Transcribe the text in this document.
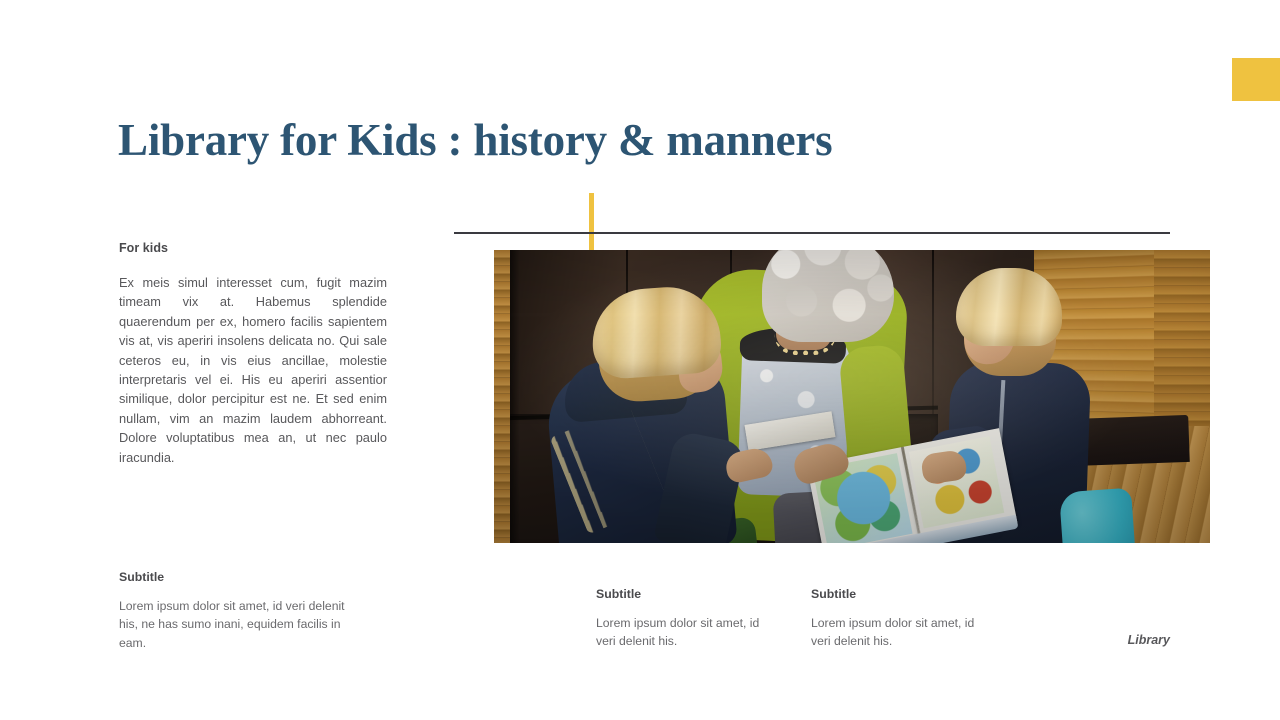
Library for Kids : history & manners
For kids

Ex meis simul interesset cum, fugit mazim timeam vix at. Habemus splendide quaerendum per ex, homero facilis sapientem vis at, vis aperiri insolens delicata no. Qui sale ceteros eu, in vis eius ancillae, molestie interpretaris vel ei. His eu aperiri assentior similique, dolor percipitur est ne. Et sed enim nullam, vim an mazim laudem abhorreant. Dolore voluptatibus mea an, ut nec paulo iracundia.

Subtitle

Lorem ipsum dolor sit amet, id veri delenit his, ne has sumo inani, equidem facilis in eam.

Subtitle

Lorem ipsum dolor sit amet, id veri delenit his.

Subtitle

Lorem ipsum dolor sit amet, id veri delenit his.	Library
